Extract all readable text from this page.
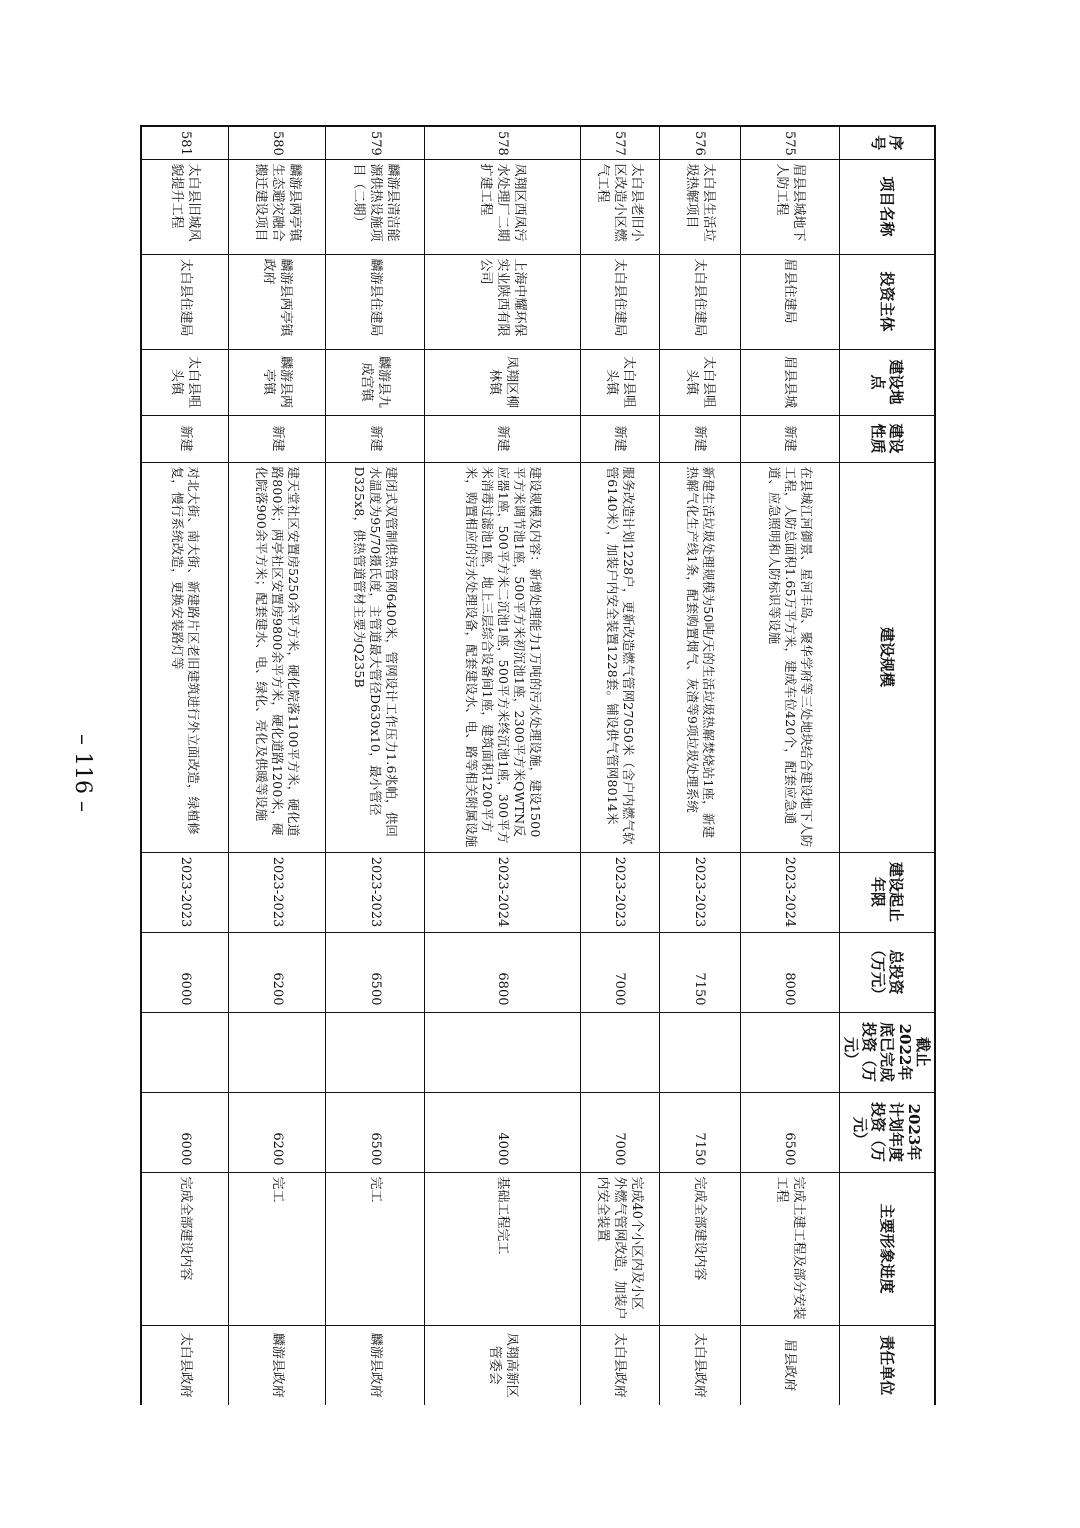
– 116 –
序号	项目名称	投资主体	建设地点	建设性质	建设规模	建设起止年限	总投资（万元）	截止2022年底已完成投资（万元）	2023年计划年度投资（万元）	主要形象进度	责任单位
575	眉县县城地下人防工程	眉县住建局	眉县县城	新建	在县城江河御景、星河丰岛、聚华学府等三处地块结合建设地下人防工程，人防总面积1.65万平方米，建成车位420个，配套应急通道、应急照明和人防标识等设施	2023-2024	8000		6500	完成土建工程及部分安装工程	眉县政府
576	太白县生活垃圾热解项目	太白县住建局	太白县咀头镇	新建	新建生活垃圾处理规模为50吨/天的生活垃圾热解焚烧站1座，新建热解气化生产线1条，配套购置烟气、灰渣等9项垃圾处理系统	2023-2023	7150		7150	完成全部建设内容	太白县政府
577	太白县老旧小区改造小区燃气工程	太白县住建局	太白县咀头镇	新建	服务改造计划1228户，更新改造燃气管网27050米（含户内燃气软管6140米），加装户内安全装置1228套。铺设供气管网8014米	2023-2023	7000		7000	完成40个小区内及小区外燃气管网改造，加装户内安全装置	太白县政府
578	凤翔区西凤污水处理厂二期扩建工程	上海中耀环保实业陕西有限公司	凤翔区柳林镇	新建	建设规模及内容：新增处理能力1万吨的污水处理设施，建设1500平方米调节池1座，500平方米初沉池1座，2300平方米QWTN反应器1座，500平方米二沉池1座，500平方米终沉池1座，300平方米消毒过滤池1座，地上三层综合设备间1座，建筑面积1200平方米，购置相应的污水处理设备，配套建设水、电、路等相关附属设施	2023-2024	6800		4000	基础工程完工	凤翔高新区管委会
579	麟游县清洁能源供热设施项目（二期）	麟游县住建局	麟游县九成宫镇	新建	建闭式双管制供热管网6400米，管网设计工作压力1.6兆帕，供回水温度为95/70摄氏度，主管道最大管径D630x10，最小管径D325x8，供热管道管材主要为Q235B	2023-2023	6500		6500	完工	麟游县政府
580	麟游县两亭镇生态避灾融合搬迁建设项目	麟游县两亭镇政府	麟游县两亭镇	新建	建天堂社区安置房5250余平方米，硬化院落1100平方米，硬化道路800米；两亭社区安置房9800余平方米，硬化道路1200米，硬化院落900余平方米；配套建水、电、绿化、亮化及供暖等设施	2023-2023	6200		6200	完工	麟游县政府
581	太白县旧城风貌提升工程	太白县住建局	太白县咀头镇	新建	对北大街、南大街、新建路片区老旧建筑进行外立面改造，绿植修复，慢行系统改造，更换安装路灯等	2023-2023	6000		6000	完成全部建设内容	太白县政府
